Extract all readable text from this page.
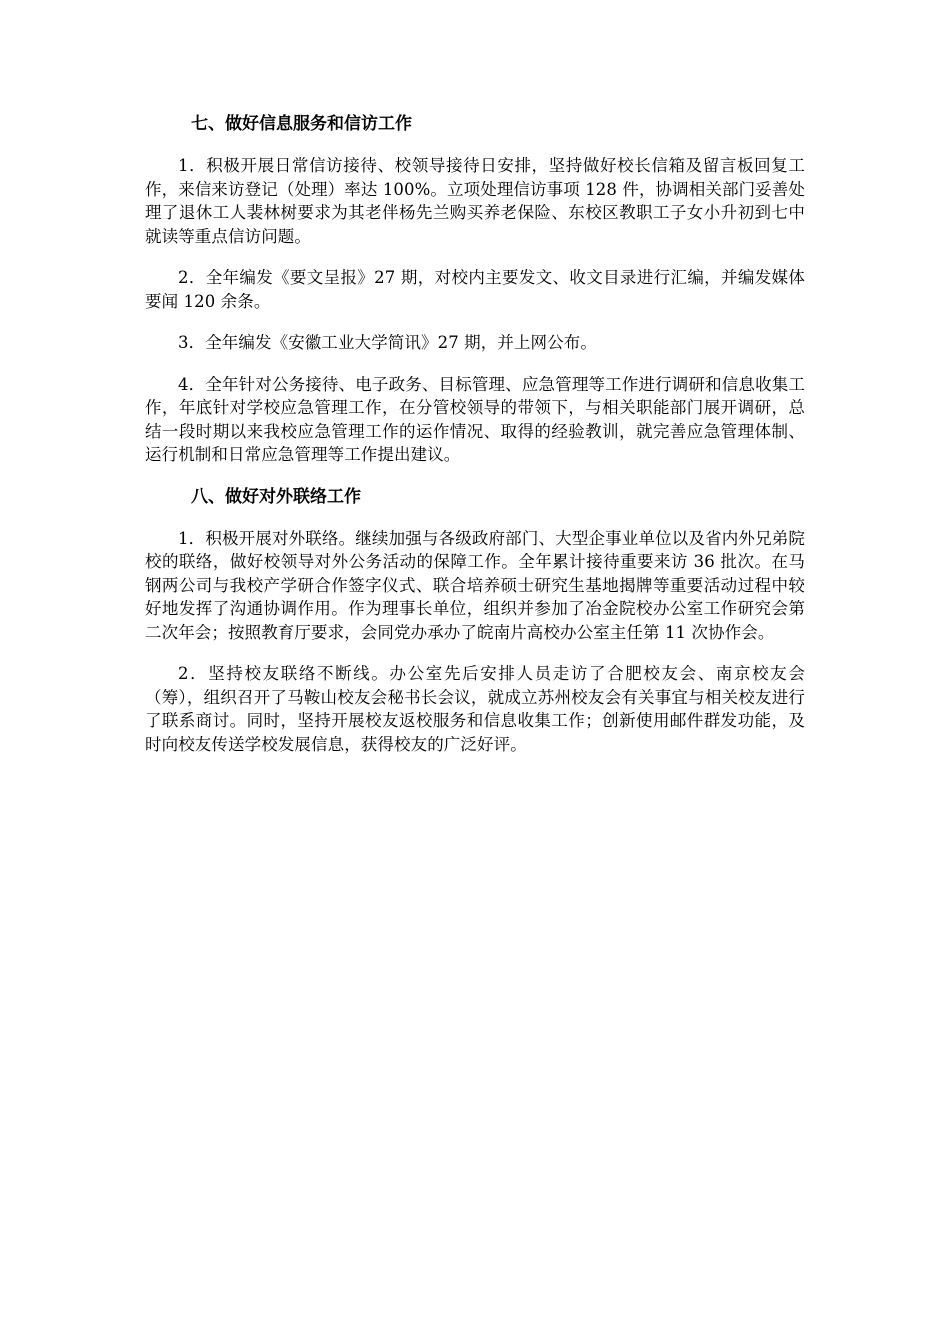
七、做好信息服务和信访工作

1．积极开展日常信访接待、校领导接待日安排，坚持做好校长信箱及留言板回复工作，来信来访登记（处理）率达 100%。立项处理信访事项 128 件，协调相关部门妥善处理了退休工人裴林树要求为其老伴杨先兰购买养老保险、东校区教职工子女小升初到七中就读等重点信访问题。

2．全年编发《要文呈报》27 期，对校内主要发文、收文目录进行汇编，并编发媒体要闻 120 余条。

3．全年编发《安徽工业大学简讯》27 期，并上网公布。

4．全年针对公务接待、电子政务、目标管理、应急管理等工作进行调研和信息收集工作，年底针对学校应急管理工作，在分管校领导的带领下，与相关职能部门展开调研，总结一段时期以来我校应急管理工作的运作情况、取得的经验教训，就完善应急管理体制、运行机制和日常应急管理等工作提出建议。

八、做好对外联络工作

1．积极开展对外联络。继续加强与各级政府部门、大型企事业单位以及省内外兄弟院校的联络，做好校领导对外公务活动的保障工作。全年累计接待重要来访 36 批次。在马钢两公司与我校产学研合作签字仪式、联合培养硕士研究生基地揭牌等重要活动过程中较好地发挥了沟通协调作用。作为理事长单位，组织并参加了冶金院校办公室工作研究会第二次年会；按照教育厅要求，会同党办承办了皖南片高校办公室主任第 11 次协作会。

2．坚持校友联络不断线。办公室先后安排人员走访了合肥校友会、南京校友会（筹），组织召开了马鞍山校友会秘书长会议，就成立苏州校友会有关事宜与相关校友进行了联系商讨。同时，坚持开展校友返校服务和信息收集工作；创新使用邮件群发功能，及时向校友传送学校发展信息，获得校友的广泛好评。
